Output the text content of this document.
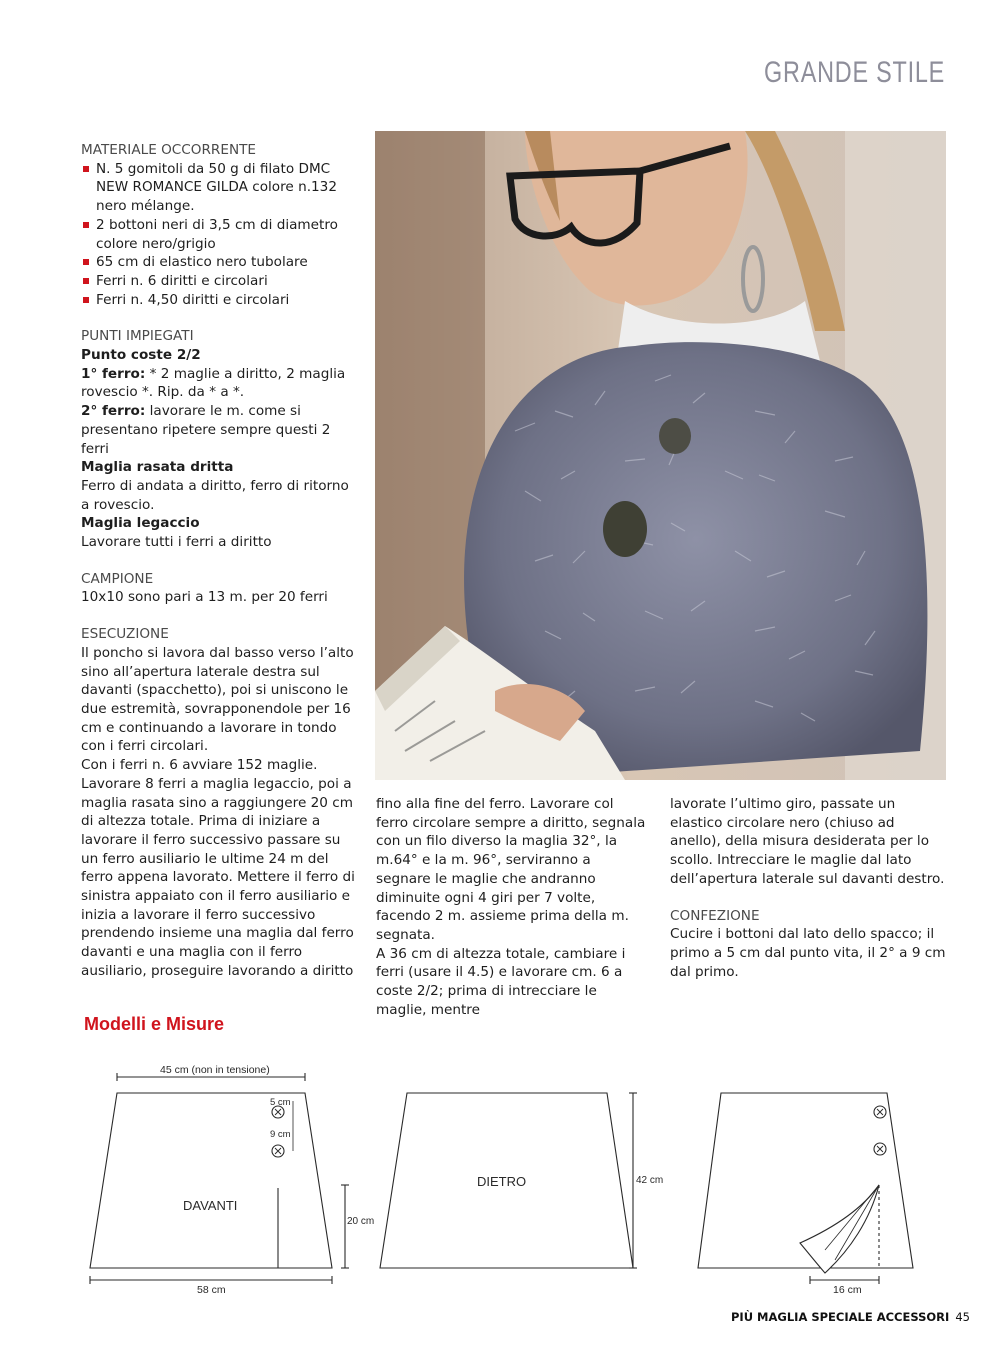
GRANDE STILE

MATERIALE OCCORRENTE

N. 5 gomitoli da 50 g di filato DMC NEW ROMANCE GILDA colore n.132 nero mélange.
2 bottoni neri di 3,5 cm di diametro colore nero/grigio
65 cm di elastico nero tubolare
Ferri n. 6 diritti e circolari
Ferri n. 4,50 diritti e circolari

PUNTI IMPIEGATI

Punto coste 2/2

1° ferro: * 2 maglie a diritto, 2 maglia rovescio *. Rip. da * a *.

2° ferro: lavorare le m. come si presentano ripetere sempre questi 2 ferri

Maglia rasata dritta

Ferro di andata a diritto, ferro di ritorno a rovescio.

Maglia legaccio

Lavorare tutti i ferri a diritto

CAMPIONE

10x10 sono pari a 13 m. per 20 ferri

ESECUZIONE

Il poncho si lavora dal basso verso l’alto sino all’apertura laterale destra sul davanti (spacchetto), poi si uniscono le due estremità, sovrapponendole per 16 cm e continuando a lavorare in tondo con i ferri circolari.

Con i ferri n. 6 avviare 152 maglie. Lavorare 8 ferri a maglia legaccio, poi a maglia rasata sino a raggiungere 20 cm di altezza totale. Prima di iniziare a lavorare il ferro successivo passare su un ferro ausiliario le ultime 24 m del ferro appena lavorato. Mettere il ferro di sinistra appaiato con il ferro ausiliario e inizia a lavorare il ferro successivo prendendo insieme una maglia dal ferro davanti e una maglia con il ferro ausiliario, proseguire lavorando a diritto

fino alla fine del ferro. Lavorare col ferro circolare sempre a diritto, segnala con un filo diverso la maglia 32°, la m.64° e la m. 96°, serviranno a segnare le maglie che andranno diminuite ogni 4 giri per 7 volte, facendo 2 m. assieme prima della m. segnata.

A 36 cm di altezza totale, cambiare i ferri (usare il 4.5) e lavorare cm. 6 a coste 2/2; prima di intrecciare le maglie, mentre

lavorate l’ultimo giro, passate un elastico circolare nero (chiuso ad anello), della misura desiderata per lo scollo. Intrecciare le maglie dal lato dell’apertura laterale sul davanti destro.

CONFEZIONE

Cucire i bottoni dal lato dello spacco; il primo a 5 cm dal punto vita, il 2° a 9 cm dal primo.

Modelli e Misure
45 cm (non in tensione)
5 cm
9 cm
DAVANTI
20 cm
58 cm
DIETRO	42 cm
16 cm
PIÙ MAGLIA SPECIALE ACCESSORI 45
